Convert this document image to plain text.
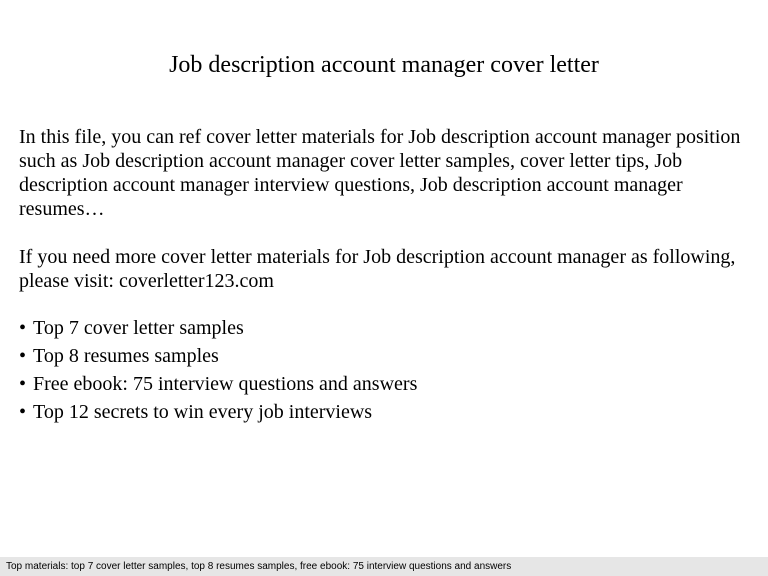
Job description account manager cover letter

In this file, you can ref cover letter materials for Job description account manager position such as Job description account manager cover letter samples, cover letter tips, Job description account manager interview questions, Job description account manager resumes…

If you need more cover letter materials for Job description account manager as following, please visit: coverletter123.com

• Top 7 cover letter samples
• Top 8 resumes samples
• Free ebook: 75 interview questions and answers
• Top 12 secrets to win every job interviews
Top materials: top 7 cover letter samples, top 8 resumes samples, free ebook: 75 interview questions and answers
